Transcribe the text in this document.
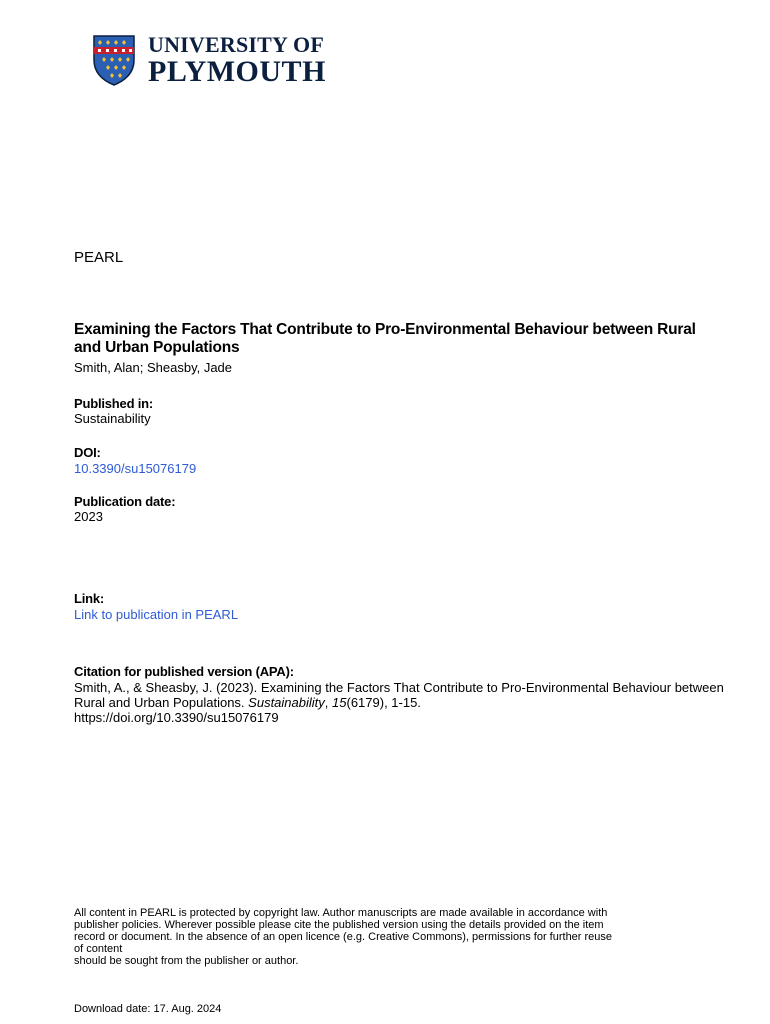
UNIVERSITY OF
PLYMOUTH
PEARL
Examining the Factors That Contribute to Pro-Environmental Behaviour between Rural and Urban Populations
Smith, Alan; Sheasby, Jade
Published in:
Sustainability
DOI:
10.3390/su15076179
Publication date:
2023
Link:
Link to publication in PEARL
Citation for published version (APA):
Smith, A., & Sheasby, J. (2023). Examining the Factors That Contribute to Pro-Environmental Behaviour between Rural and Urban Populations. Sustainability, 15(6179), 1-15.
https://doi.org/10.3390/su15076179
All content in PEARL is protected by copyright law. Author manuscripts are made available in accordance with
publisher policies. Wherever possible please cite the published version using the details provided on the item
record or document. In the absence of an open licence (e.g. Creative Commons), permissions for further reuse
of content
should be sought from the publisher or author.
Download date: 17. Aug. 2024
